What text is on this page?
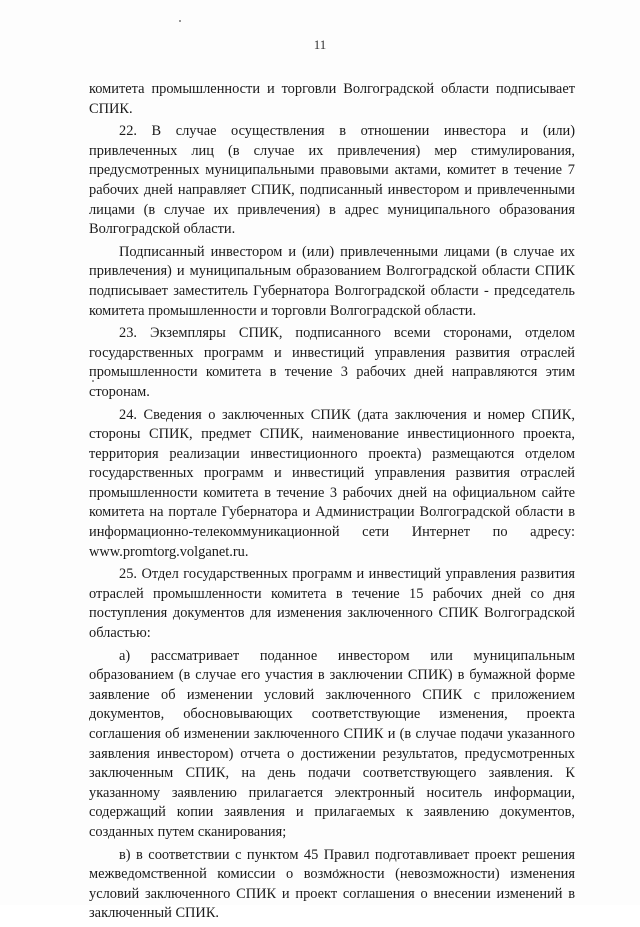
11

комитета промышленности и торговли Волгоградской области подписывает СПИК.

22. В случае осуществления в отношении инвестора и (или) привлеченных лиц (в случае их привлечения) мер стимулирования, предусмотренных муниципальными правовыми актами, комитет в течение 7 рабочих дней направляет СПИК, подписанный инвестором и привлеченными лицами (в случае их привлечения) в адрес муниципального образования Волгоградской области.

Подписанный инвестором и (или) привлеченными лицами (в случае их привлечения) и муниципальным образованием Волгоградской области СПИК подписывает заместитель Губернатора Волгоградской области - председатель комитета промышленности и торговли Волгоградской области.

23. Экземпляры СПИК, подписанного всеми сторонами, отделом государственных программ и инвестиций управления развития отраслей промышленности комитета в течение 3 рабочих дней направляются этим сторонам.

24. Сведения о заключенных СПИК (дата заключения и номер СПИК, стороны СПИК, предмет СПИК, наименование инвестиционного проекта, территория реализации инвестиционного проекта) размещаются отделом государственных программ и инвестиций управления развития отраслей промышленности комитета в течение 3 рабочих дней на официальном сайте комитета на портале Губернатора и Администрации Волгоградской области в информационно-телекоммуникационной сети Интернет по адресу: www.promtorg.volganet.ru.

25. Отдел государственных программ и инвестиций управления развития отраслей промышленности комитета в течение 15 рабочих дней со дня поступления документов для изменения заключенного СПИК Волгоградской областью:

а) рассматривает поданное инвестором или муниципальным образованием (в случае его участия в заключении СПИК) в бумажной форме заявление об изменении условий заключенного СПИК с приложением документов, обосновывающих соответствующие изменения, проекта соглашения об изменении заключенного СПИК и (в случае подачи указанного заявления инвестором) отчета о достижении результатов, предусмотренных заключенным СПИК, на день подачи соответствующего заявления. К указанному заявлению прилагается электронный носитель информации, содержащий копии заявления и прилагаемых к заявлению документов, созданных путем сканирования;

в) в соответствии с пунктом 45 Правил подготавливает проект решения межведомственной комиссии о возможности (невозможности) изменения условий заключенного СПИК и проект соглашения о внесении изменений в заключенный СПИК.
